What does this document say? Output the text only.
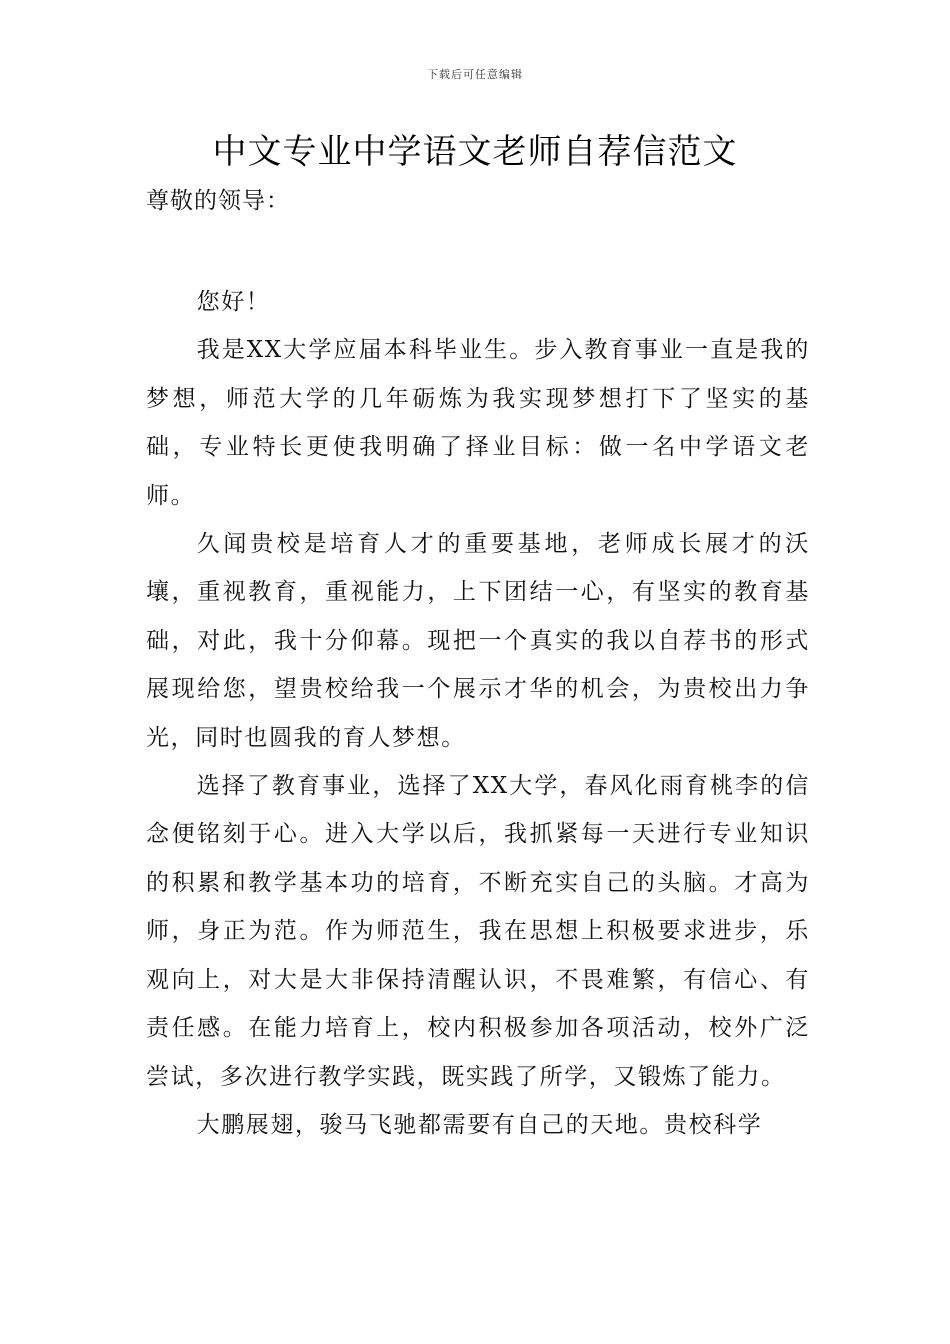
下载后可任意编辑
中文专业中学语文老师自荐信范文
尊敬的领导：

您好！

我是XX大学应届本科毕业生。步入教育事业一直是我的梦想，师范大学的几年砺炼为我实现梦想打下了坚实的基础，专业特长更使我明确了择业目标：做一名中学语文老师。

久闻贵校是培育人才的重要基地，老师成长展才的沃壤，重视教育，重视能力，上下团结一心，有坚实的教育基础，对此，我十分仰幕。现把一个真实的我以自荐书的形式展现给您，望贵校给我一个展示才华的机会，为贵校出力争光，同时也圆我的育人梦想。

选择了教育事业，选择了XX大学，春风化雨育桃李的信念便铭刻于心。进入大学以后，我抓紧每一天进行专业知识的积累和教学基本功的培育，不断充实自己的头脑。才高为师，身正为范。作为师范生，我在思想上积极要求进步，乐观向上，对大是大非保持清醒认识，不畏难繁，有信心、有责任感。在能力培育上，校内积极参加各项活动，校外广泛尝试，多次进行教学实践，既实践了所学，又锻炼了能力。

大鹏展翅，骏马飞驰都需要有自己的天地。贵校科学
